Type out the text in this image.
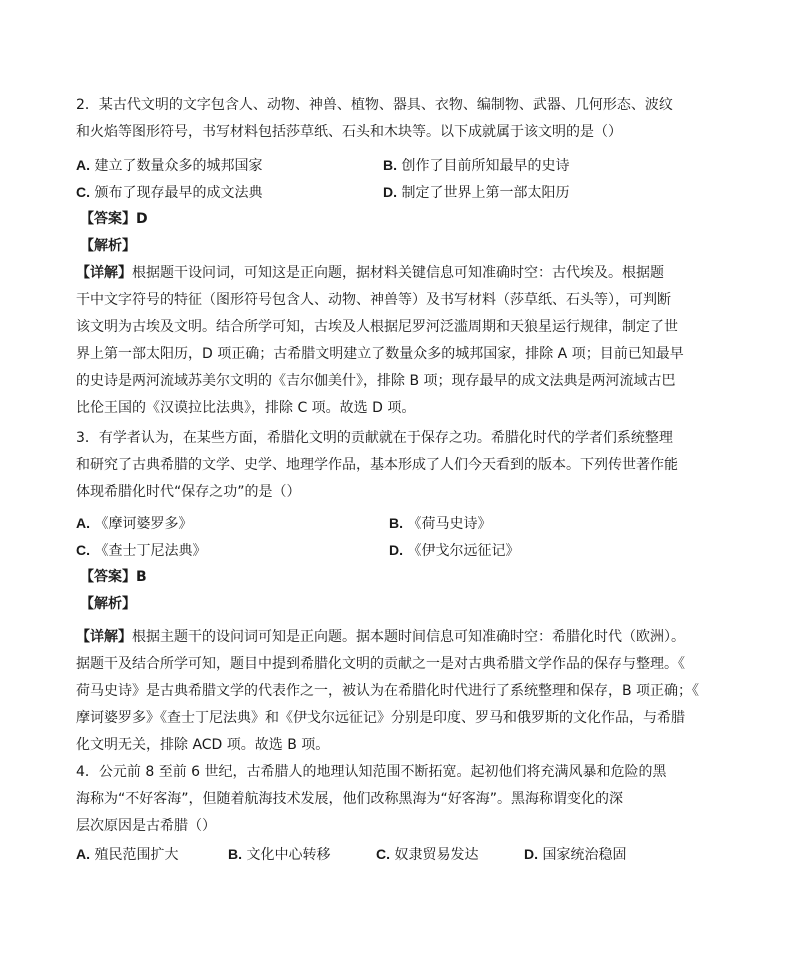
2．某古代文明的文字包含人、动物、神兽、植物、器具、衣物、编制物、武器、几何形态、波纹
和火焰等图形符号，书写材料包括莎草纸、石头和木块等。以下成就属于该文明的是（）
A. 建立了数量众多的城邦国家	B. 创作了目前所知最早的史诗
C. 颁布了现存最早的成文法典	D. 制定了世界上第一部太阳历
【答案】D
【解析】
【详解】根据题干设问词，可知这是正向题，据材料关键信息可知准确时空：古代埃及。根据题
干中文字符号的特征（图形符号包含人、动物、神兽等）及书写材料（莎草纸、石头等），可判断
该文明为古埃及文明。结合所学可知，古埃及人根据尼罗河泛滥周期和天狼星运行规律，制定了世
界上第一部太阳历，D 项正确；古希腊文明建立了数量众多的城邦国家，排除 A 项；目前已知最早
的史诗是两河流域苏美尔文明的《吉尔伽美什》，排除 B 项；现存最早的成文法典是两河流域古巴
比伦王国的《汉谟拉比法典》，排除 C 项。故选 D 项。
3．有学者认为，在某些方面，希腊化文明的贡献就在于保存之功。希腊化时代的学者们系统整理
和研究了古典希腊的文学、史学、地理学作品，基本形成了人们今天看到的版本。下列传世著作能
体现希腊化时代“保存之功”的是（）
A. 《摩诃婆罗多》	B. 《荷马史诗》
C. 《查士丁尼法典》	D. 《伊戈尔远征记》
【答案】B
【解析】
【详解】根据主题干的设问词可知是正向题。据本题时间信息可知准确时空：希腊化时代（欧洲）。
据题干及结合所学可知，题目中提到希腊化文明的贡献之一是对古典希腊文学作品的保存与整理。《
荷马史诗》是古典希腊文学的代表作之一，被认为在希腊化时代进行了系统整理和保存，B 项正确；《
摩诃婆罗多》《查士丁尼法典》和《伊戈尔远征记》分别是印度、罗马和俄罗斯的文化作品，与希腊
化文明无关，排除 ACD 项。故选 B 项。
4．公元前 8 至前 6 世纪，古希腊人的地理认知范围不断拓宽。起初他们将充满风暴和危险的黑
海称为“不好客海”，但随着航海技术发展，他们改称黑海为“好客海”。黑海称谓变化的深
层次原因是古希腊（）
A. 殖民范围扩大	B. 文化中心转移	C. 奴隶贸易发达	D. 国家统治稳固
